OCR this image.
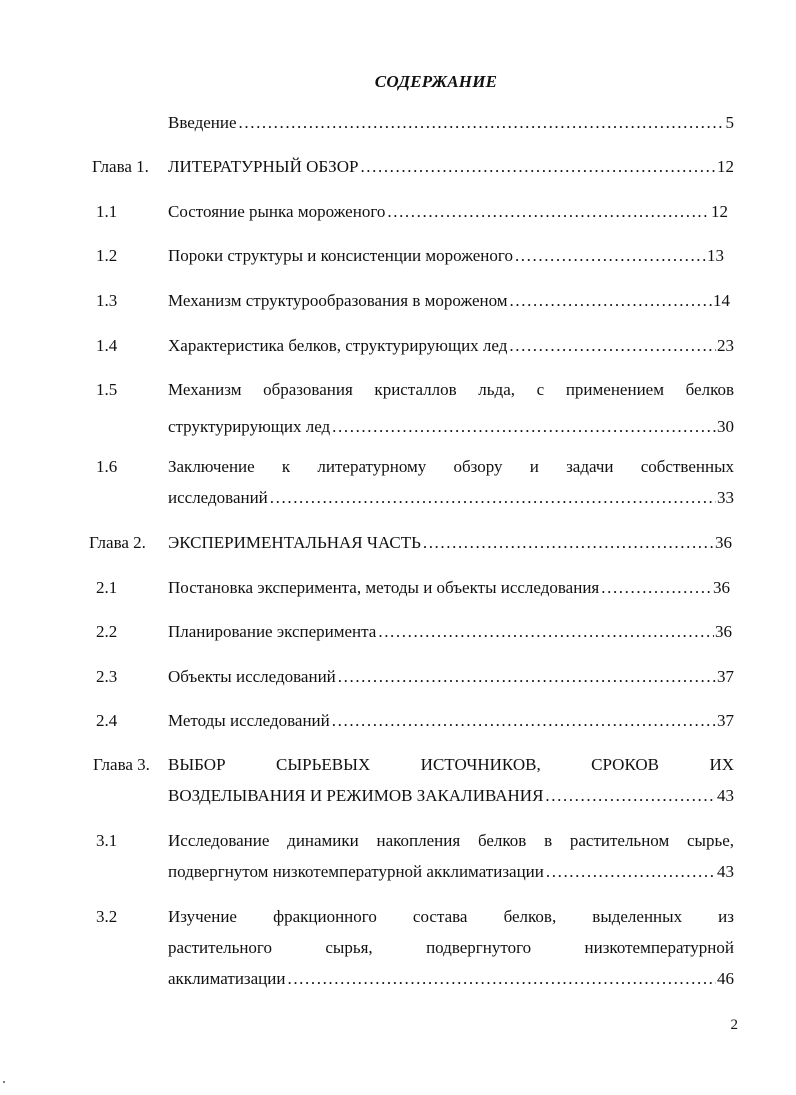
СОДЕРЖАНИЕ
Введение .....	5
Глава 1. ЛИТЕРАТУРНЫЙ ОБЗОР .....	12
1.1	Состояние рынка мороженого .....	12
1.2	Пороки структуры и консистенции мороженого .....	13
1.3	Механизм структурообразования в мороженом .....	14
1.4	Характеристика белков, структурирующих лед .....	23
1.5	Механизм образования кристаллов льда, с применением белков
структурирующих лед .....	30
1.6	Заключение к литературному обзору и задачи собственных
исследований .....	33
Глава 2. ЭКСПЕРИМЕНТАЛЬНАЯ ЧАСТЬ .....	36
2.1	Постановка эксперимента, методы и объекты исследования .....	36
2.2	Планирование эксперимента .....	36
2.3	Объекты исследований .....	37
2.4	Методы исследований .....	37
Глава 3. ВЫБОР СЫРЬЕВЫХ ИСТОЧНИКОВ, СРОКОВ ИХ
ВОЗДЕЛЫВАНИЯ И РЕЖИМОВ ЗАКАЛИВАНИЯ .....	43
3.1	Исследование динамики накопления белков в растительном сырье,
подвергнутом низкотемпературной акклиматизации .....	43
3.2	Изучение фракционного состава белков, выделенных из
растительного сырья, подвергнутого низкотемпературной
акклиматизации .....	46
2
